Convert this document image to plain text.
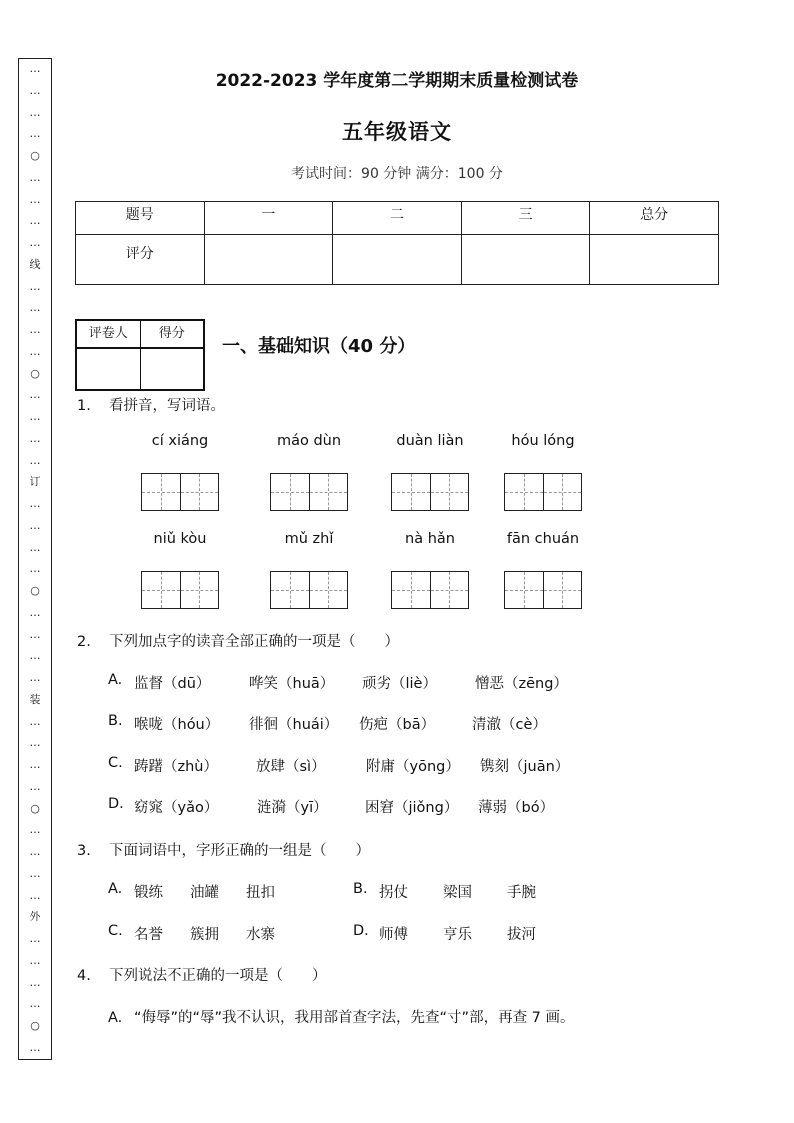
…
…
…
…
○
…
…
…
…
线
…
…
…
…
○
…
…
…
…
订
…
…
…
…
○
…
…
…
…
装
…
…
…
…
○
…
…
…
…
外
…
…
…
…
○
…
2022-2023 学年度第二学期期末质量检测试卷
五年级语文
考试时间：90 分钟 满分：100 分
题号	一	二	三	总分
评分				
评卷人	得分

一、基础知识（40 分）
1. 看拼音，写词语。
cí xiáng	máo dùn	duàn liàn	hóu lóng
niǔ kòu	mǔ zhǐ	nà hǎn	fān chuán
2. 下列加点字的读音全部正确的一项是（　　）
A. 监督（dū）	哗笑（huā） 顽劣（liè）	憎恶（zēng）
B. 喉咙（hóu） 徘徊（huái） 伤疤（bā）	清澈（cè）
C. 踌躇（zhù）	放肆（sì）	附庸（yōng） 镌刻（juān）
D. 窈窕（yǎo）	涟漪（yī）	困窘（jiǒng） 薄弱（bó）
3. 下面词语中，字形正确的一组是（　　）
A. 锻练 油罐 扭扣	B. 拐仗 梁国 手腕
C. 名誉 簇拥 水寨	D. 师傅 亨乐 拔河
4. 下列说法不正确的一项是（　　）
A. “侮辱”的“辱”我不认识，我用部首查字法，先查“寸”部，再查 7 画。
